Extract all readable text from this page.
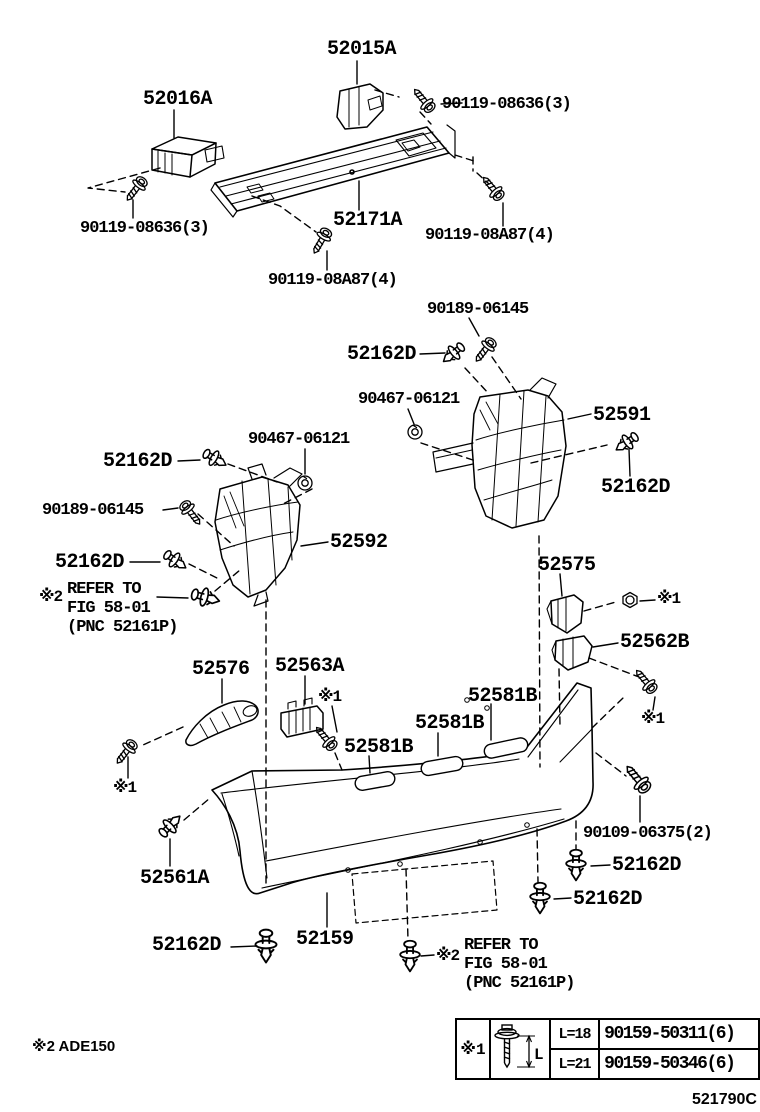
52015A
52016A	90119-08636(3)
90119-08636(3)	52171A
90119-08A87(4)
90119-08A87(4)
90189-06145
52162D
90467-06121
52591
90467-06121
52162D
52162D
90189-06145
52162D
52592
52575
※1
52562B
※1
52576 52563A
※1	52581B
52581B
52581B
※1
52561A
90109-06375(2)
52162D
52162D
52162D	52159
※2 REFER TO
FIG 58-01
(PNC 52161P)
※2
REFER TO
FIG 58-01
(PNC 52161P)
※1	L	L=18	90159-50311(6)
		L=21	90159-50346(6)
※2 ADE150
521790C
